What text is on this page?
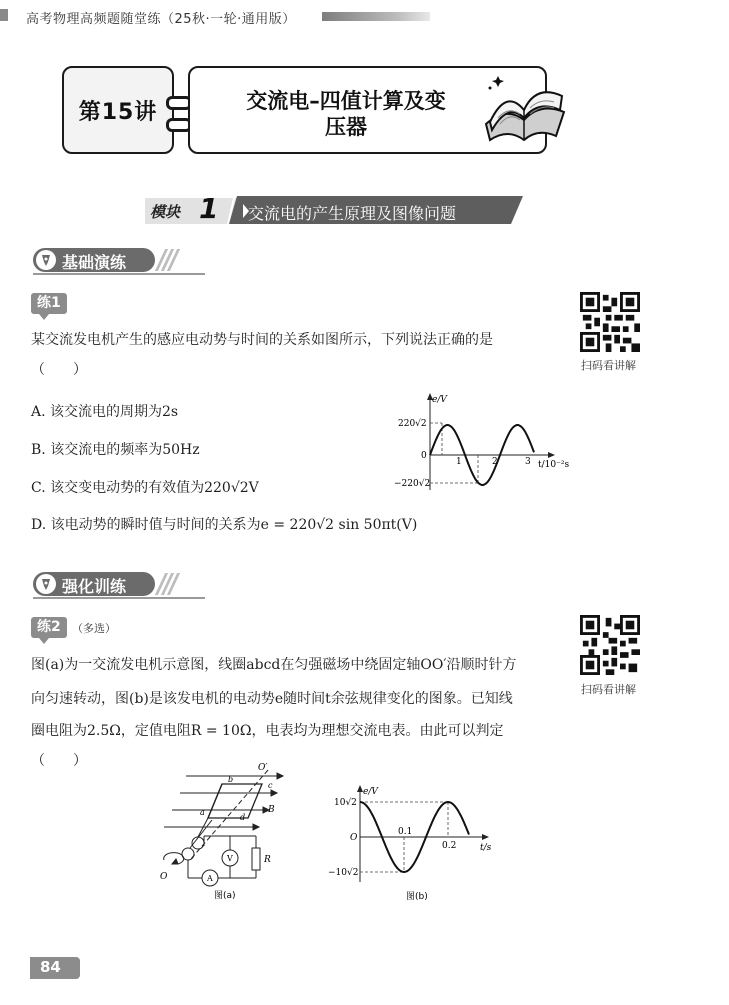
高考物理高频题随堂练（25秋·一轮·通用版）
第15讲	交流电–四值计算及变
压器
模块 1 交流电的产生原理及图像问题
基础演练
练1
某交流发电机产生的感应电动势与时间的关系如图所示，下列说法正确的是
（　　）	扫码看讲解
A. 该交流电的周期为2s
B. 该交流电的频率为50Hz
C. 该交变电动势的有效值为220√2V
D. 该电动势的瞬时值与时间的关系为e = 220√2 sin 50πt(V)
e/V
t/10⁻²s
220√2
−220√2
0
1	2	3
强化训练
练2	（多选）
图(a)为一交流发电机示意图，线圈abcd在匀强磁场中绕固定轴OO′沿顺时针方
向匀速转动，图(b)是该发电机的电动势e随时间t余弦规律变化的图象。已知线
圈电阻为2.5Ω，定值电阻R = 10Ω，电表均为理想交流电表。由此可以判定
（　　）
扫码看讲解
O′
O
a
b
c
d
B
R
V
A
图(a)
e/V
t/s
10√2
−10√2
O
0.1
0.2
图(b)
84
